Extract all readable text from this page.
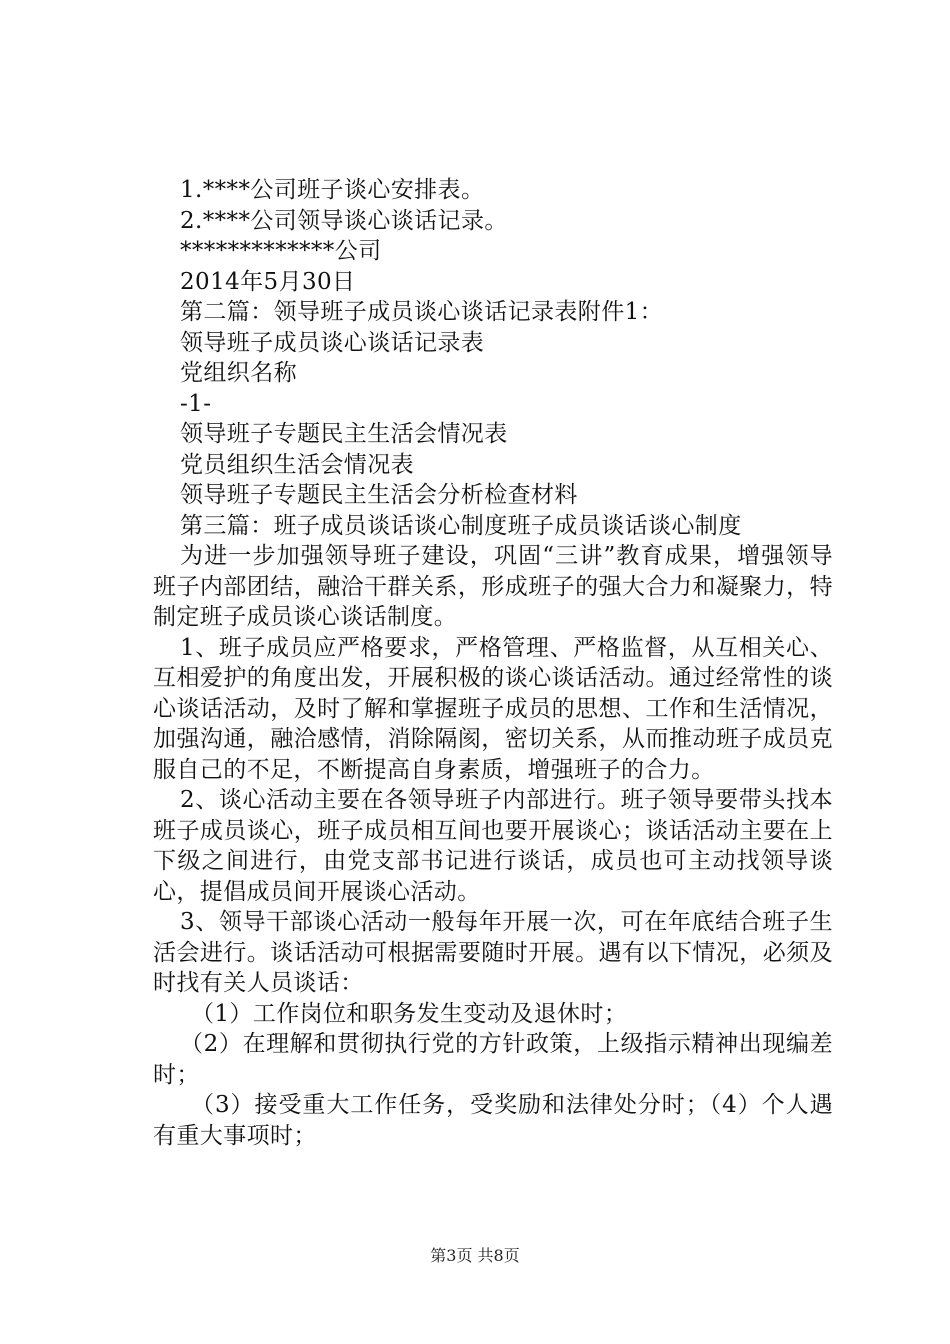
1.****公司班子谈心安排表。
2.****公司领导谈心谈话记录。
*************公司
2014年5月30日
第二篇：领导班子成员谈心谈话记录表附件1：
领导班子成员谈心谈话记录表
党组织名称
-1-
领导班子专题民主生活会情况表
党员组织生活会情况表
领导班子专题民主生活会分析检查材料
第三篇：班子成员谈话谈心制度班子成员谈话谈心制度
为进一步加强领导班子建设，巩固“三讲”教育成果，增强领导班子内部团结，融洽干群关系，形成班子的强大合力和凝聚力，特制定班子成员谈心谈话制度。
1、班子成员应严格要求，严格管理、严格监督，从互相关心、互相爱护的角度出发，开展积极的谈心谈话活动。通过经常性的谈心谈话活动，及时了解和掌握班子成员的思想、工作和生活情况，加强沟通，融洽感情，消除隔阂，密切关系，从而推动班子成员克服自己的不足，不断提高自身素质，增强班子的合力。
2、谈心活动主要在各领导班子内部进行。班子领导要带头找本班子成员谈心，班子成员相互间也要开展谈心；谈话活动主要在上下级之间进行，由党支部书记进行谈话，成员也可主动找领导谈心，提倡成员间开展谈心活动。
3、领导干部谈心活动一般每年开展一次，可在年底结合班子生活会进行。谈话活动可根据需要随时开展。遇有以下情况，必须及时找有关人员谈话：
（1）工作岗位和职务发生变动及退休时；
（2）在理解和贯彻执行党的方针政策，上级指示精神出现编差时；
（3）接受重大工作任务，受奖励和法律处分时；（4）个人遇有重大事项时；
第3页 共8页
